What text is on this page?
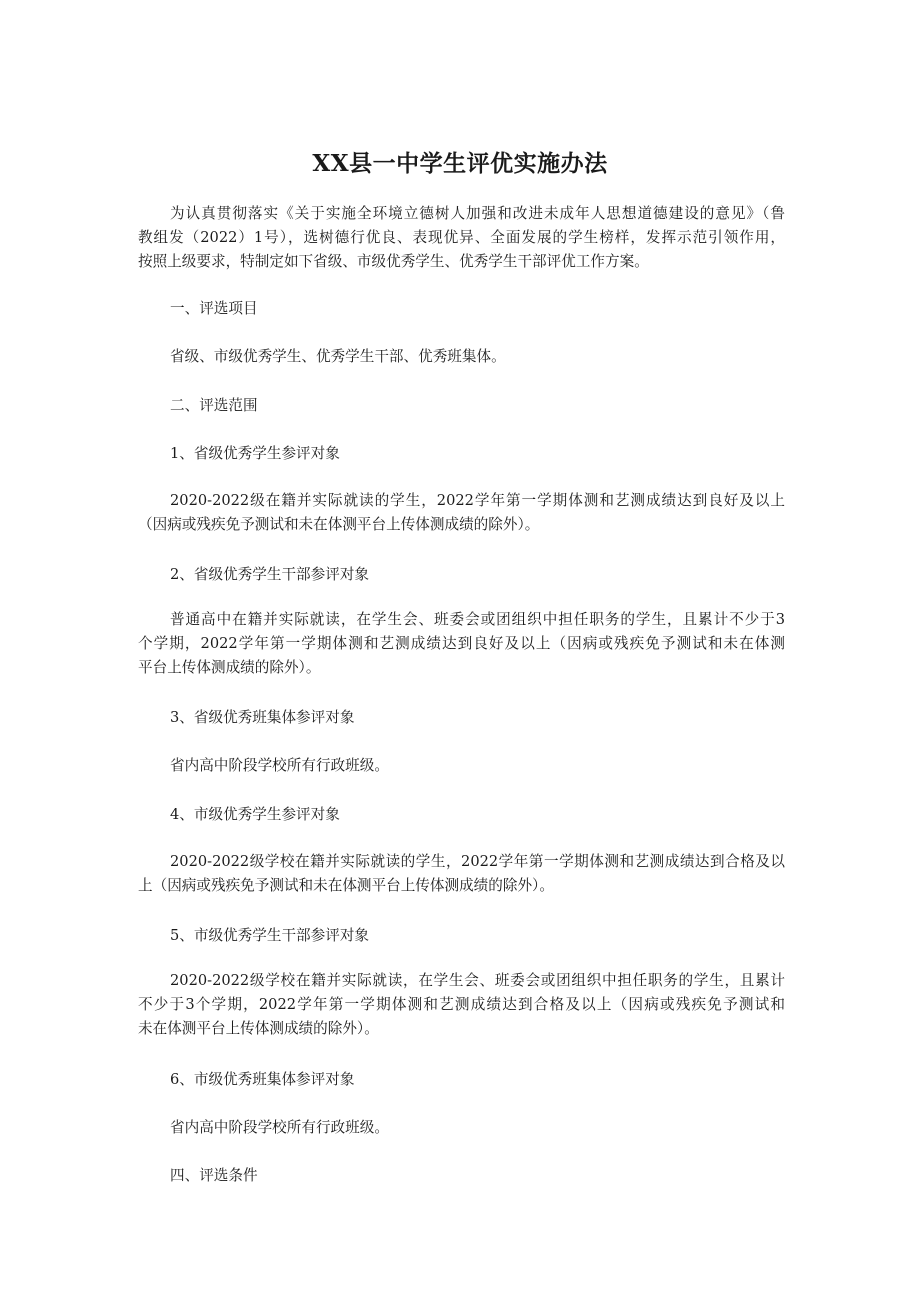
XX县一中学生评优实施办法
为认真贯彻落实《关于实施全环境立德树人加强和改进未成年人思想道德建设的意见》（鲁
教组发（2022）1号），选树德行优良、表现优异、全面发展的学生榜样，发挥示范引领作用，
按照上级要求，特制定如下省级、市级优秀学生、优秀学生干部评优工作方案。

一、评选项目

省级、市级优秀学生、优秀学生干部、优秀班集体。

二、评选范围

1、省级优秀学生参评对象

2020-2022级在籍并实际就读的学生，2022学年第一学期体测和艺测成绩达到良好及以上
（因病或残疾免予测试和未在体测平台上传体测成绩的除外）。

2、省级优秀学生干部参评对象

普通高中在籍并实际就读，在学生会、班委会或团组织中担任职务的学生，且累计不少于3
个学期，2022学年第一学期体测和艺测成绩达到良好及以上（因病或残疾免予测试和未在体测
平台上传体测成绩的除外）。

3、省级优秀班集体参评对象

省内高中阶段学校所有行政班级。

4、市级优秀学生参评对象

2020-2022级学校在籍并实际就读的学生，2022学年第一学期体测和艺测成绩达到合格及以
上（因病或残疾免予测试和未在体测平台上传体测成绩的除外）。

5、市级优秀学生干部参评对象

2020-2022级学校在籍并实际就读，在学生会、班委会或团组织中担任职务的学生，且累计
不少于3个学期，2022学年第一学期体测和艺测成绩达到合格及以上（因病或残疾免予测试和
未在体测平台上传体测成绩的除外）。

6、市级优秀班集体参评对象

省内高中阶段学校所有行政班级。

四、评选条件
